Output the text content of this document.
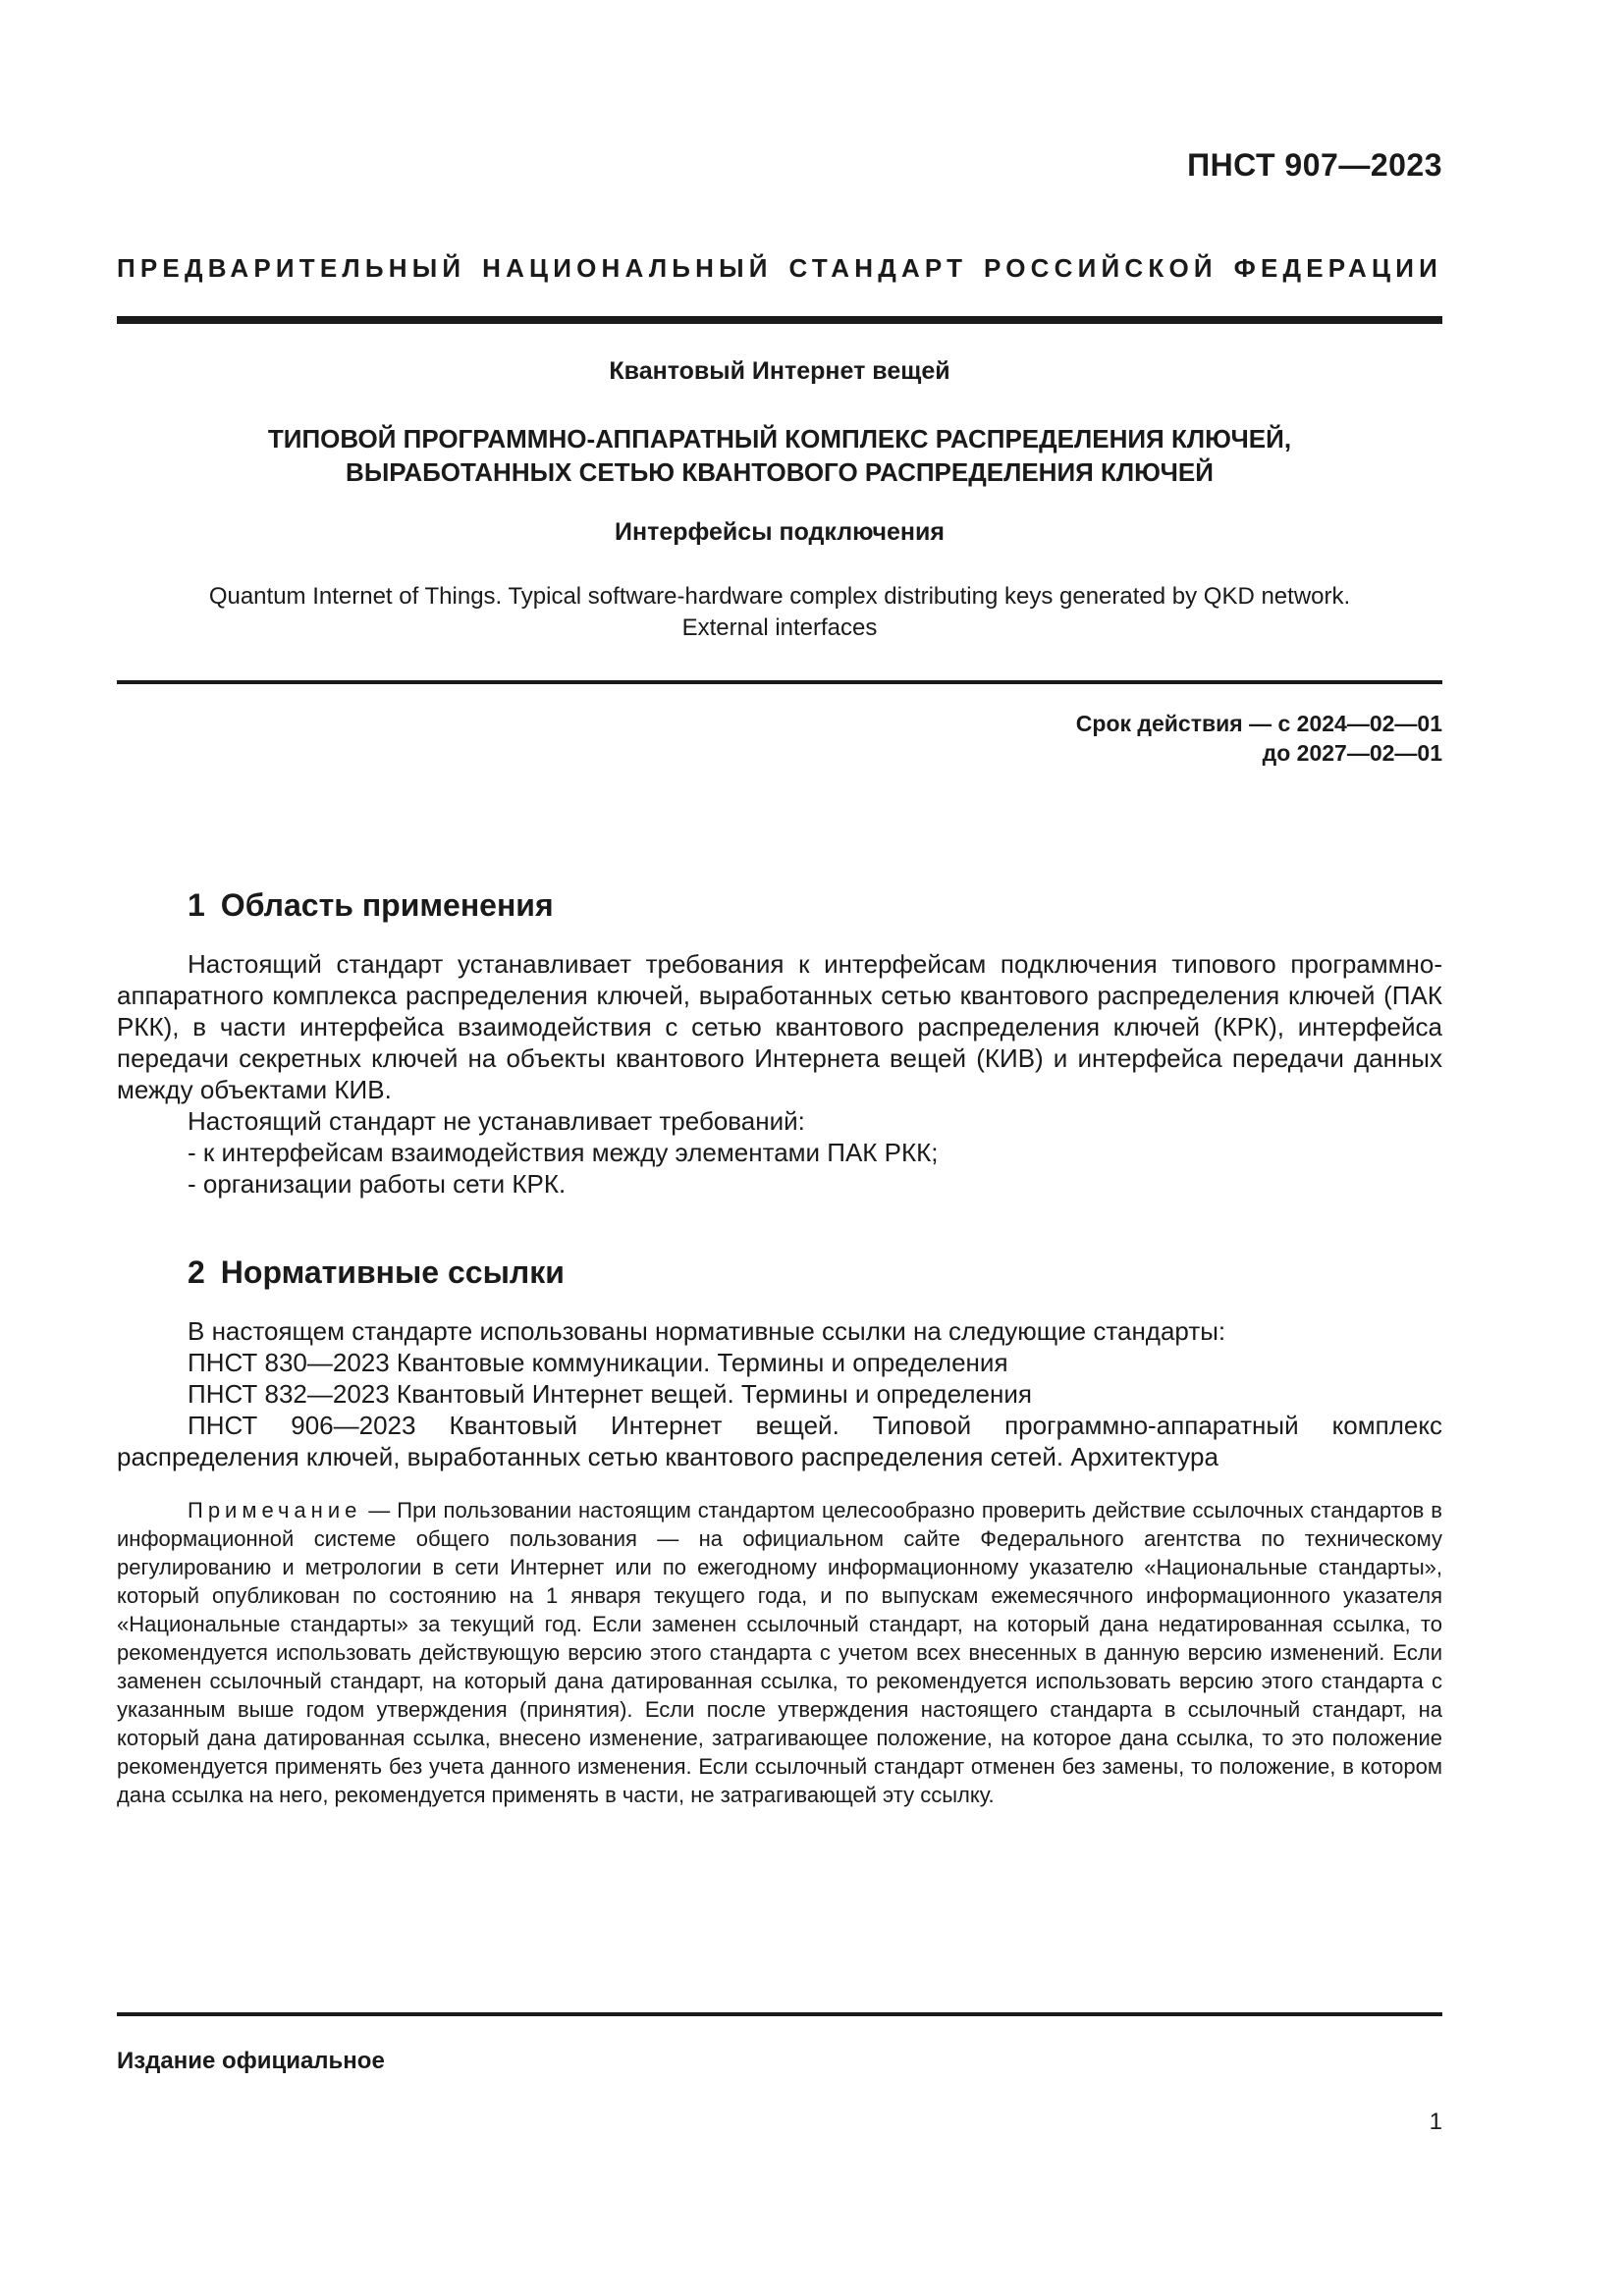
ПНСТ 907—2023
ПРЕДВАРИТЕЛЬНЫЙ НАЦИОНАЛЬНЫЙ СТАНДАРТ РОССИЙСКОЙ ФЕДЕРАЦИИ
Квантовый Интернет вещей
ТИПОВОЙ ПРОГРАММНО-АППАРАТНЫЙ КОМПЛЕКС РАСПРЕДЕЛЕНИЯ КЛЮЧЕЙ,
ВЫРАБОТАННЫХ СЕТЬЮ КВАНТОВОГО РАСПРЕДЕЛЕНИЯ КЛЮЧЕЙ
Интерфейсы подключения
Quantum Internet of Things. Typical software-hardware complex distributing keys generated by QKD network.
External interfaces
Срок действия — с 2024—02—01
до 2027—02—01
1 Область применения

Настоящий стандарт устанавливает требования к интерфейсам подключения типового программно-аппаратного комплекса распределения ключей, выработанных сетью квантового распределения ключей (ПАК РКК), в части интерфейса взаимодействия с сетью квантового распределения ключей (КРК), интерфейса передачи секретных ключей на объекты квантового Интернета вещей (КИВ) и интерфейса передачи данных между объектами КИВ.

Настоящий стандарт не устанавливает требований:

- к интерфейсам взаимодействия между элементами ПАК РКК;

- организации работы сети КРК.

2 Нормативные ссылки

В настоящем стандарте использованы нормативные ссылки на следующие стандарты:

ПНСТ 830—2023 Квантовые коммуникации. Термины и определения

ПНСТ 832—2023 Квантовый Интернет вещей. Термины и определения

ПНСТ 906—2023 Квантовый Интернет вещей. Типовой программно-аппаратный комплекс распределения ключей, выработанных сетью квантового распределения сетей. Архитектура

Примечание — При пользовании настоящим стандартом целесообразно проверить действие ссылочных стандартов в информационной системе общего пользования — на официальном сайте Федерального агентства по техническому регулированию и метрологии в сети Интернет или по ежегодному информационному указателю «Национальные стандарты», который опубликован по состоянию на 1 января текущего года, и по выпускам ежемесячного информационного указателя «Национальные стандарты» за текущий год. Если заменен ссылочный стандарт, на который дана недатированная ссылка, то рекомендуется использовать действующую версию этого стандарта с учетом всех внесенных в данную версию изменений. Если заменен ссылочный стандарт, на который дана датированная ссылка, то рекомендуется использовать версию этого стандарта с указанным выше годом утверждения (принятия). Если после утверждения настоящего стандарта в ссылочный стандарт, на который дана датированная ссылка, внесено изменение, затрагивающее положение, на которое дана ссылка, то это положение рекомендуется применять без учета данного изменения. Если ссылочный стандарт отменен без замены, то положение, в котором дана ссылка на него, рекомендуется применять в части, не затрагивающей эту ссылку.

Издание официальное
1
